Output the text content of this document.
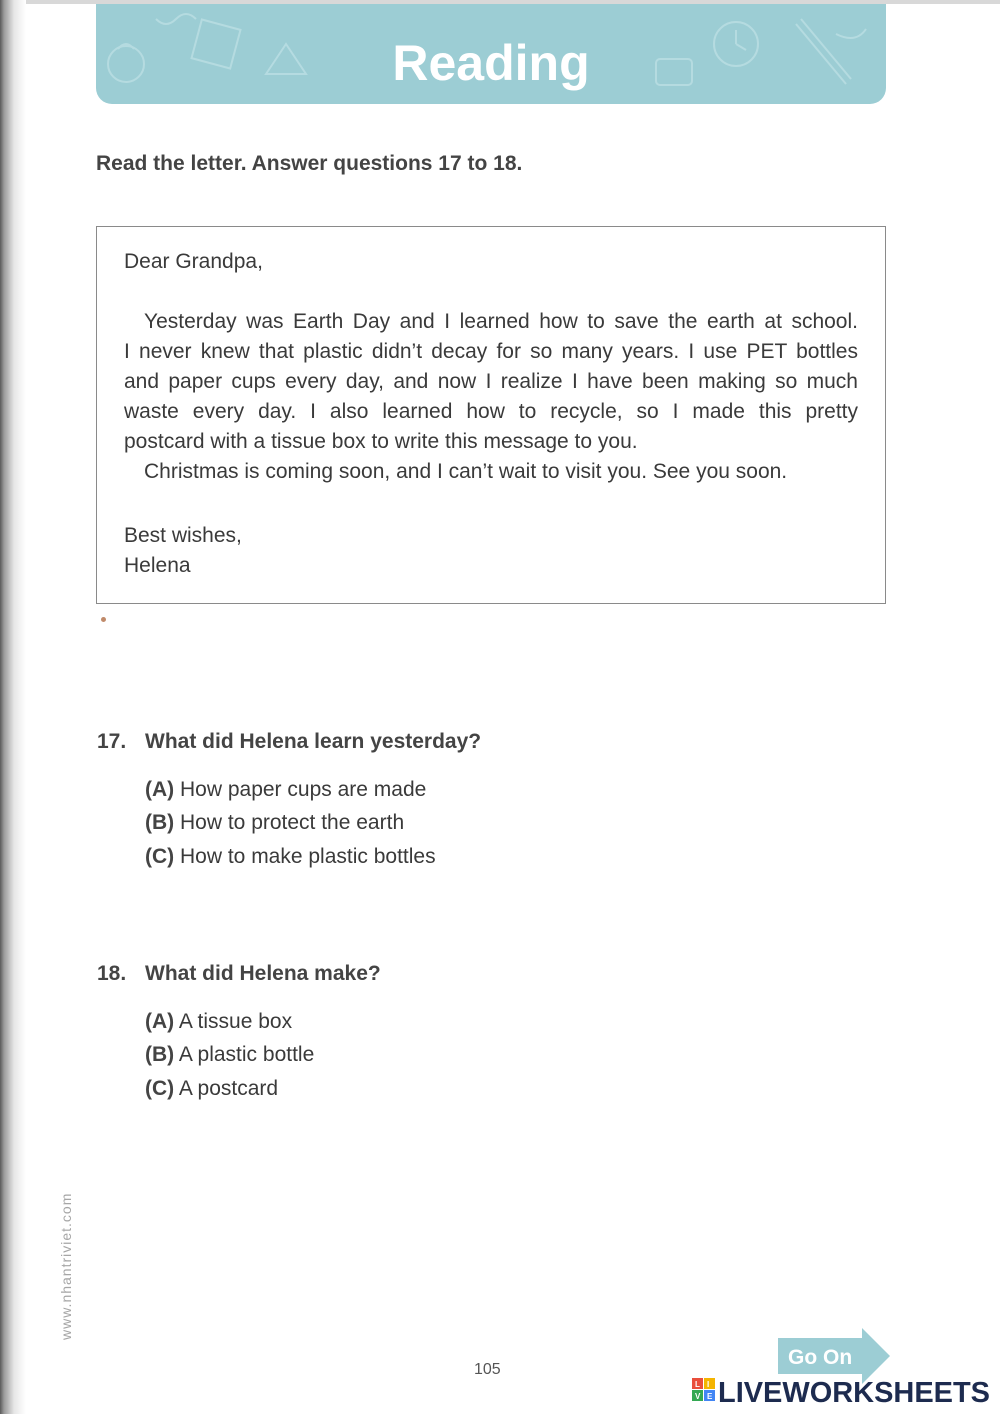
Reading
Read the letter. Answer questions 17 to 18.
Dear Grandpa,
Yesterday was Earth Day and I learned how to save the earth at school.
I never knew that plastic didn’t decay for so many years. I use PET bottles
and paper cups every day, and now I realize I have been making so much
waste every day. I also learned how to recycle, so I made this pretty
postcard with a tissue box to write this message to you.
Christmas is coming soon, and I can’t wait to visit you. See you soon.
Best wishes,
Helena
17. What did Helena learn yesterday?
(A) How paper cups are made
(B) How to protect the earth
(C) How to make plastic bottles
18. What did Helena make?
(A) A tissue box
(B) A plastic bottle
(C) A postcard
www.nhantriviet.com
105
Go On
L I
V E LIVEWORKSHEETS
